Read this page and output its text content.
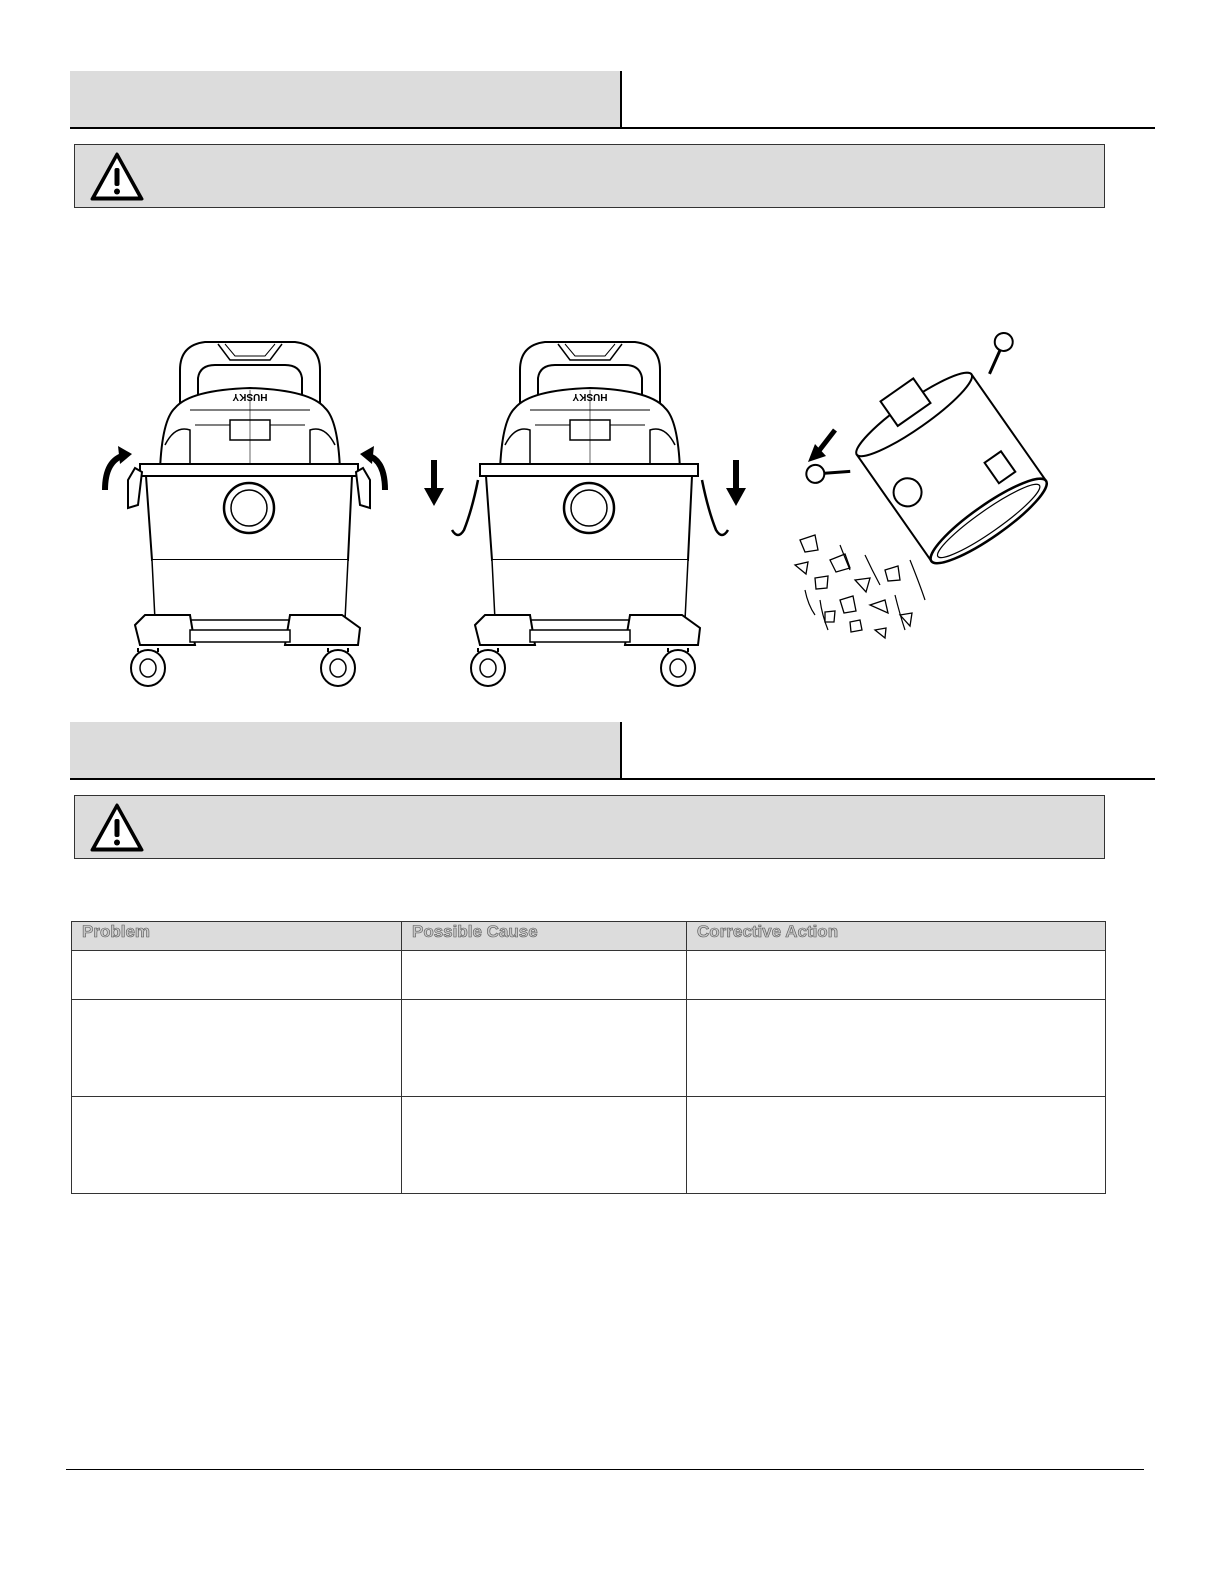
HUSKY	HUSKY
Problem	Possible Cause	Corrective Action
